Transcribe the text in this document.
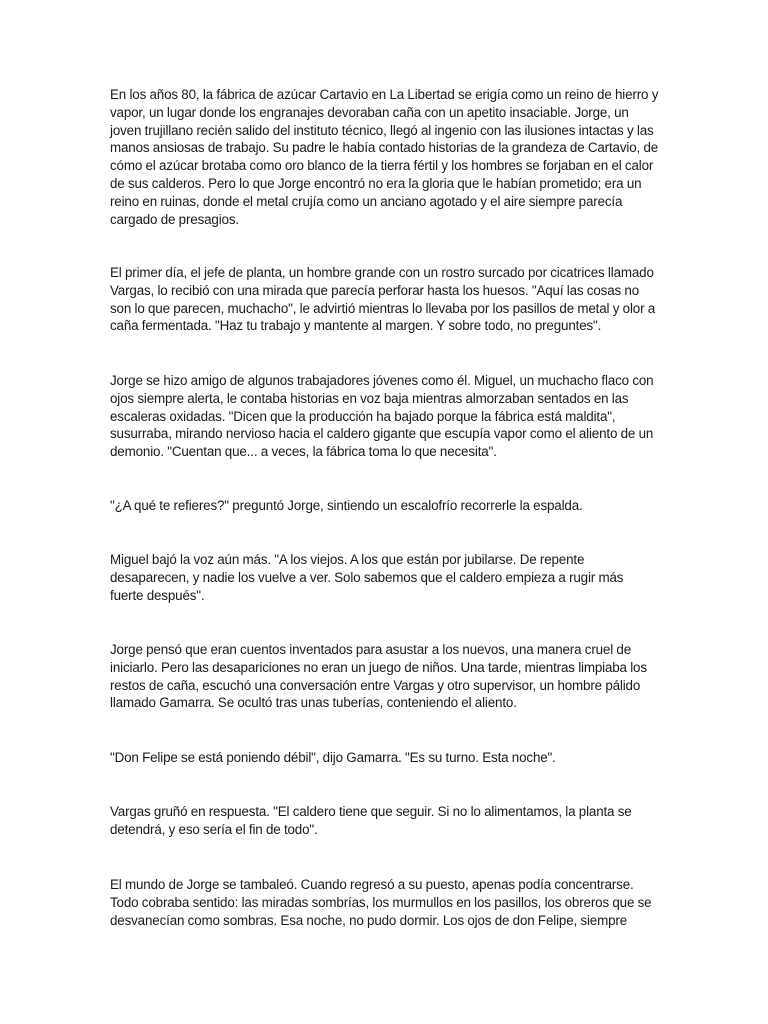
En los años 80, la fábrica de azúcar Cartavio en La Libertad se erigía como un reino de hierro y vapor, un lugar donde los engranajes devoraban caña con un apetito insaciable. Jorge, un joven trujillano recién salido del instituto técnico, llegó al ingenio con las ilusiones intactas y las manos ansiosas de trabajo. Su padre le había contado historias de la grandeza de Cartavio, de cómo el azúcar brotaba como oro blanco de la tierra fértil y los hombres se forjaban en el calor de sus calderos. Pero lo que Jorge encontró no era la gloria que le habían prometido; era un reino en ruinas, donde el metal crujía como un anciano agotado y el aire siempre parecía cargado de presagios.

El primer día, el jefe de planta, un hombre grande con un rostro surcado por cicatrices llamado Vargas, lo recibió con una mirada que parecía perforar hasta los huesos. "Aquí las cosas no son lo que parecen, muchacho", le advirtió mientras lo llevaba por los pasillos de metal y olor a caña fermentada. "Haz tu trabajo y mantente al margen. Y sobre todo, no preguntes".

Jorge se hizo amigo de algunos trabajadores jóvenes como él. Miguel, un muchacho flaco con ojos siempre alerta, le contaba historias en voz baja mientras almorzaban sentados en las escaleras oxidadas. "Dicen que la producción ha bajado porque la fábrica está maldita", susurraba, mirando nervioso hacia el caldero gigante que escupía vapor como el aliento de un demonio. "Cuentan que... a veces, la fábrica toma lo que necesita".

"¿A qué te refieres?" preguntó Jorge, sintiendo un escalofrío recorrerle la espalda.

Miguel bajó la voz aún más. "A los viejos. A los que están por jubilarse. De repente desaparecen, y nadie los vuelve a ver. Solo sabemos que el caldero empieza a rugir más fuerte después".

Jorge pensó que eran cuentos inventados para asustar a los nuevos, una manera cruel de iniciarlo. Pero las desapariciones no eran un juego de niños. Una tarde, mientras limpiaba los restos de caña, escuchó una conversación entre Vargas y otro supervisor, un hombre pálido llamado Gamarra. Se ocultó tras unas tuberías, conteniendo el aliento.

"Don Felipe se está poniendo débil", dijo Gamarra. "Es su turno. Esta noche".

Vargas gruñó en respuesta. "El caldero tiene que seguir. Si no lo alimentamos, la planta se detendrá, y eso sería el fin de todo".

El mundo de Jorge se tambaleó. Cuando regresó a su puesto, apenas podía concentrarse. Todo cobraba sentido: las miradas sombrías, los murmullos en los pasillos, los obreros que se desvanecían como sombras. Esa noche, no pudo dormir. Los ojos de don Felipe, siempre
